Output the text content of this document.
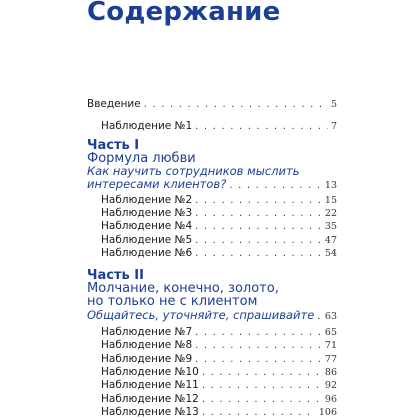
Содержание
Введение . . .	5
Наблюдение №1 . . .	7
Часть I
Формула любви
Как научить сотрудников мыслить
интересами клиентов? . . .	13
Наблюдение №2 . . .	15
Наблюдение №3 . . .	22
Наблюдение №4 . . .	35
Наблюдение №5 . . .	47
Наблюдение №6 . . .	54
Часть II
Молчание, конечно, золото,
но только не с клиентом
Общайтесь, уточняйте, спрашивайте . . . 63
Наблюдение №7 . . .	65
Наблюдение №8 . . .	71
Наблюдение №9 . . .	77
Наблюдение №10 . . .	86
Наблюдение №11 . . .	92
Наблюдение №12 . . .	96
Наблюдение №13 . . .	106
